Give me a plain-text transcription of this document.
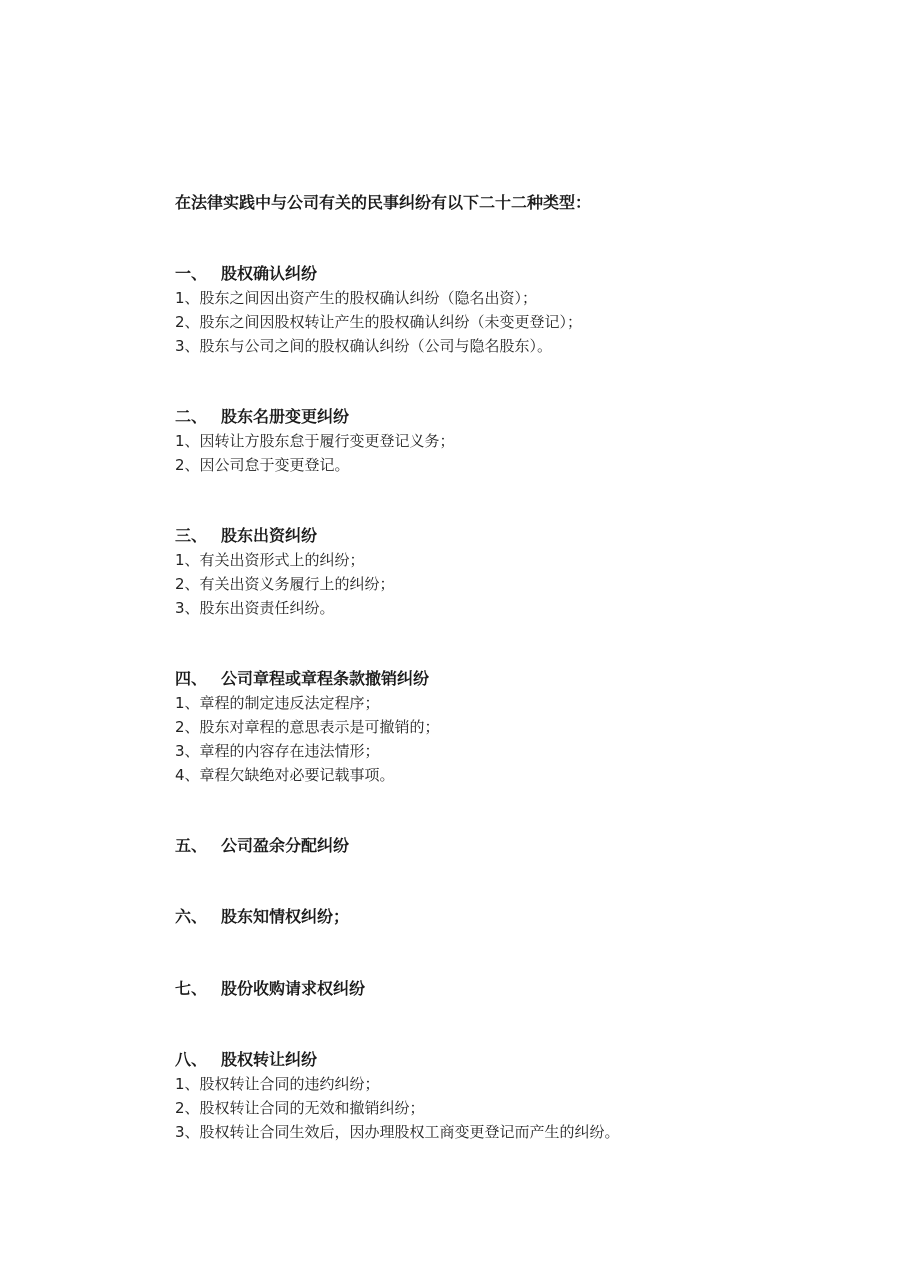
在法律实践中与公司有关的民事纠纷有以下二十二种类型：
一、 股权确认纠纷
1、股东之间因出资产生的股权确认纠纷（隐名出资）；
2、股东之间因股权转让产生的股权确认纠纷（未变更登记）；
3、股东与公司之间的股权确认纠纷（公司与隐名股东）。
二、 股东名册变更纠纷
1、因转让方股东怠于履行变更登记义务；
2、因公司怠于变更登记。
三、 股东出资纠纷
1、有关出资形式上的纠纷；
2、有关出资义务履行上的纠纷；
3、股东出资责任纠纷。
四、 公司章程或章程条款撤销纠纷
1、章程的制定违反法定程序；
2、股东对章程的意思表示是可撤销的；
3、章程的内容存在违法情形；
4、章程欠缺绝对必要记载事项。
五、 公司盈余分配纠纷
六、 股东知情权纠纷；
七、 股份收购请求权纠纷
八、 股权转让纠纷
1、股权转让合同的违约纠纷；
2、股权转让合同的无效和撤销纠纷；
3、股权转让合同生效后，因办理股权工商变更登记而产生的纠纷。
